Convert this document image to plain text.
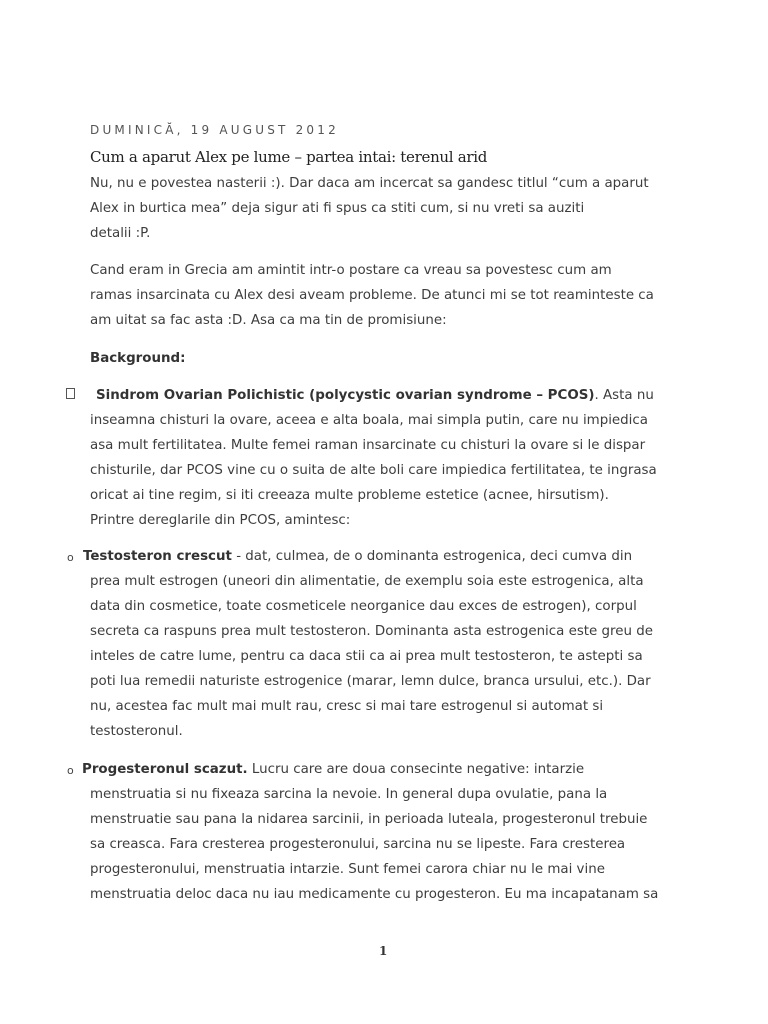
DUMINICĂ, 19 AUGUST 2012
Cum a aparut Alex pe lume – partea intai: terenul arid
Nu, nu e povestea nasterii :). Dar daca am incercat sa gandesc titlul “cum a aparut
Alex in burtica mea” deja sigur ati fi spus ca stiti cum, si nu vreti sa auziti
detalii :P.
Cand eram in Grecia am amintit intr-o postare ca vreau sa povestesc cum am
ramas insarcinata cu Alex desi aveam probleme. De atunci mi se tot reaminteste ca
am uitat sa fac asta :D. Asa ca ma tin de promisiune:
Background:
Sindrom Ovarian Polichistic (polycystic ovarian syndrome – PCOS). Asta nu
inseamna chisturi la ovare, aceea e alta boala, mai simpla putin, care nu impiedica
asa mult fertilitatea. Multe femei raman insarcinate cu chisturi la ovare si le dispar
chisturile, dar PCOS vine cu o suita de alte boli care impiedica fertilitatea, te ingrasa
oricat ai tine regim, si iti creeaza multe probleme estetice (acnee, hirsutism).
Printre dereglarile din PCOS, amintesc:
o Testosteron crescut - dat, culmea, de o dominanta estrogenica, deci cumva din
prea mult estrogen (uneori din alimentatie, de exemplu soia este estrogenica, alta
data din cosmetice, toate cosmeticele neorganice dau exces de estrogen), corpul
secreta ca raspuns prea mult testosteron. Dominanta asta estrogenica este greu de
inteles de catre lume, pentru ca daca stii ca ai prea mult testosteron, te astepti sa
poti lua remedii naturiste estrogenice (marar, lemn dulce, branca ursului, etc.). Dar
nu, acestea fac mult mai mult rau, cresc si mai tare estrogenul si automat si
testosteronul.
o Progesteronul scazut. Lucru care are doua consecinte negative: intarzie
menstruatia si nu fixeaza sarcina la nevoie. In general dupa ovulatie, pana la
menstruatie sau pana la nidarea sarcinii, in perioada luteala, progesteronul trebuie
sa creasca. Fara cresterea progesteronului, sarcina nu se lipeste. Fara cresterea
progesteronului, menstruatia intarzie. Sunt femei carora chiar nu le mai vine
menstruatia deloc daca nu iau medicamente cu progesteron. Eu ma incapatanam sa
1
